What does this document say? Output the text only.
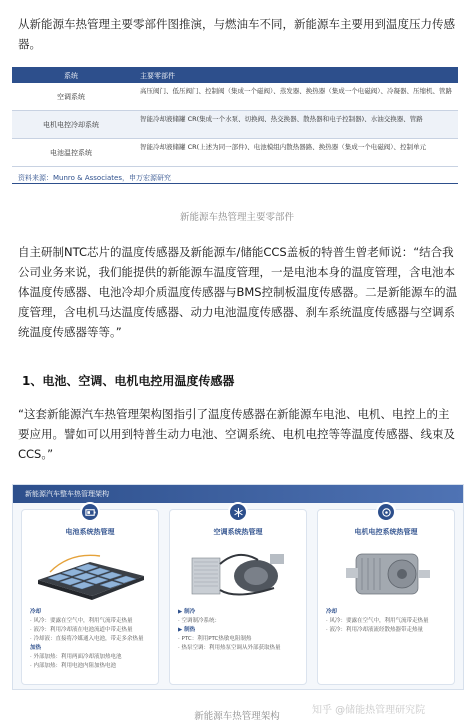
从新能源车热管理主要零部件图推演，与燃油车不同，新能源车主要用到温度压力传感器。
系统	主要零部件
空调系统
高压阀门、低压阀门、控制阀（集成一个磁阀）、蒸发器、换热器（集成一个电磁阀）、冷凝器、压缩机、管路
电机电控冷却系统
智能冷却液储罐 CR(集成一个水泵、切换阀、热交换器、散热器和电子控制器)、水油交换器、管路
电池温控系统
智能冷却液储罐 CR(上述为同一部件)、电池模组内散热器路、换热器（集成一个电磁阀）、控制单元
资料来源：Munro & Associates，申万宏源研究
新能源车热管理主要零部件
自主研制NTC芯片的温度传感器及新能源车/储能CCS盖板的特普生曾老师说：“结合我公司业务来说，我们能提供的新能源车温度管理，一是电池本身的温度管理，含电池本体温度传感器、电池冷却介质温度传感器与BMS控制板温度传感器。二是新能源车的温度管理，含电机马达温度传感器、动力电池温度传感器、刹车系统温度传感器与空调系统温度传感器等等。”
1、电池、空调、电机电控用温度传感器
“这套新能源汽车热管理架构图指引了温度传感器在新能源车电池、电机、电控上的主要应用。譬如可以用到特普生动力电池、空调系统、电机电控等等温度传感器、线束及CCS。”
新能源汽车整车热管理架构
电池系统热管理
冷却
· 风冷：要露在空气中，利用气流带走热量
· 液冷：利用冷却液在电池流道中带走热量
· 冷却液：直接将冷媒通入电池，带走多余热量
加热
· 外部加热：利用两面冷却液加热电池
· 内部加热：利用电池内阻加热电池
空调系统热管理
▶ 制冷
· 空调制冷系统：
▶ 制热
· PTC：利用PTC热敏电阻制热
· 热泵空调：利用热泵空调从外部获取热量
电机电控系统热管理
冷却
· 风冷：要露在空气中，利用气流带走热量
· 液冷：利用冷却液流经散热器带走热量
新能源车热管理架构
知乎 @储能热管理研究院
